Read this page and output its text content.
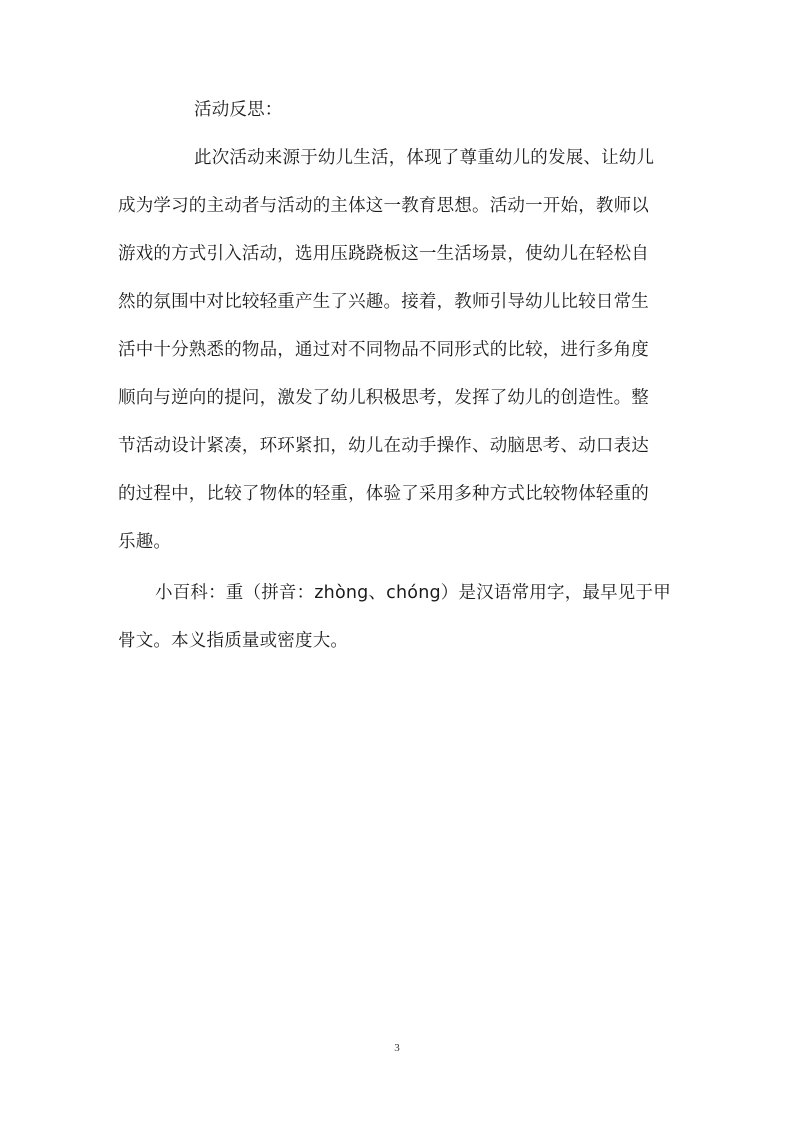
活动反思：
此次活动来源于幼儿生活，体现了尊重幼儿的发展、让幼儿
成为学习的主动者与活动的主体这一教育思想。活动一开始，教师以
游戏的方式引入活动，选用压跷跷板这一生活场景，使幼儿在轻松自
然的氛围中对比较轻重产生了兴趣。接着，教师引导幼儿比较日常生
活中十分熟悉的物品，通过对不同物品不同形式的比较，进行多角度
顺向与逆向的提问，激发了幼儿积极思考，发挥了幼儿的创造性。整
节活动设计紧凑，环环紧扣，幼儿在动手操作、动脑思考、动口表达
的过程中，比较了物体的轻重，体验了采用多种方式比较物体轻重的
乐趣。
小百科：重（拼音：zhòng、chóng）是汉语常用字，最早见于甲
骨文。本义指质量或密度大。
3
